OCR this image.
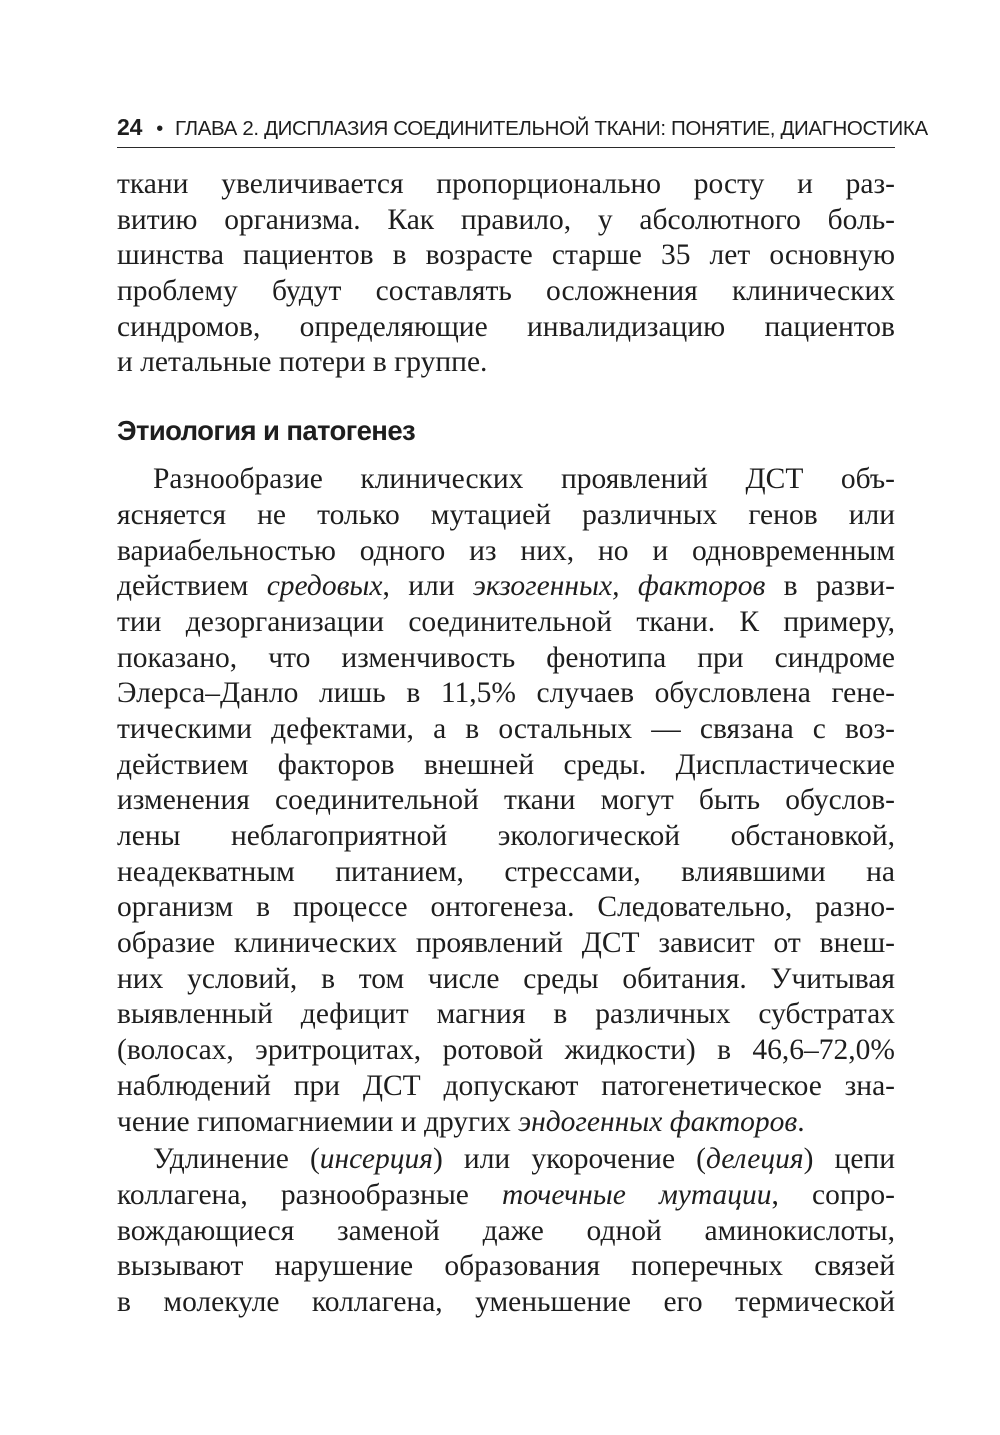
24 • ГЛАВА 2. ДИСПЛАЗИЯ СОЕДИНИТЕЛЬНОЙ ТКАНИ: ПОНЯТИЕ, ДИАГНОСТИКА
ткани увеличивается пропорционально росту и раз-
витию организма. Как правило, у абсолютного боль-
шинства пациентов в возрасте старше 35 лет основную
проблему будут составлять осложнения клинических
синдромов, определяющие инвалидизацию пациентов
и летальные потери в группе.
Этиология и патогенез
Разнообразие клинических проявлений ДСТ объ-
ясняется не только мутацией различных генов или
вариабельностью одного из них, но и одновременным
действием средовых, или экзогенных, факторов в разви-
тии дезорганизации соединительной ткани. К примеру,
показано, что изменчивость фенотипа при синдроме
Элерса–Данло лишь в 11,5% случаев обусловлена гене-
тическими дефектами, а в остальных — связана с воз-
действием факторов внешней среды. Диспластические
изменения соединительной ткани могут быть обуслов-
лены неблагоприятной экологической обстановкой,
неадекватным питанием, стрессами, влиявшими на
организм в процессе онтогенеза. Следовательно, разно-
образие клинических проявлений ДСТ зависит от внеш-
них условий, в том числе среды обитания. Учитывая
выявленный дефицит магния в различных субстратах
(волосах, эритроцитах, ротовой жидкости) в 46,6–72,0%
наблюдений при ДСТ допускают патогенетическое зна-
чение гипомагниемии и других эндогенных факторов.
Удлинение (инсерция) или укорочение (делеция) цепи
коллагена, разнообразные точечные мутации, сопро-
вождающиеся заменой даже одной аминокислоты,
вызывают нарушение образования поперечных связей
в молекуле коллагена, уменьшение его термической
